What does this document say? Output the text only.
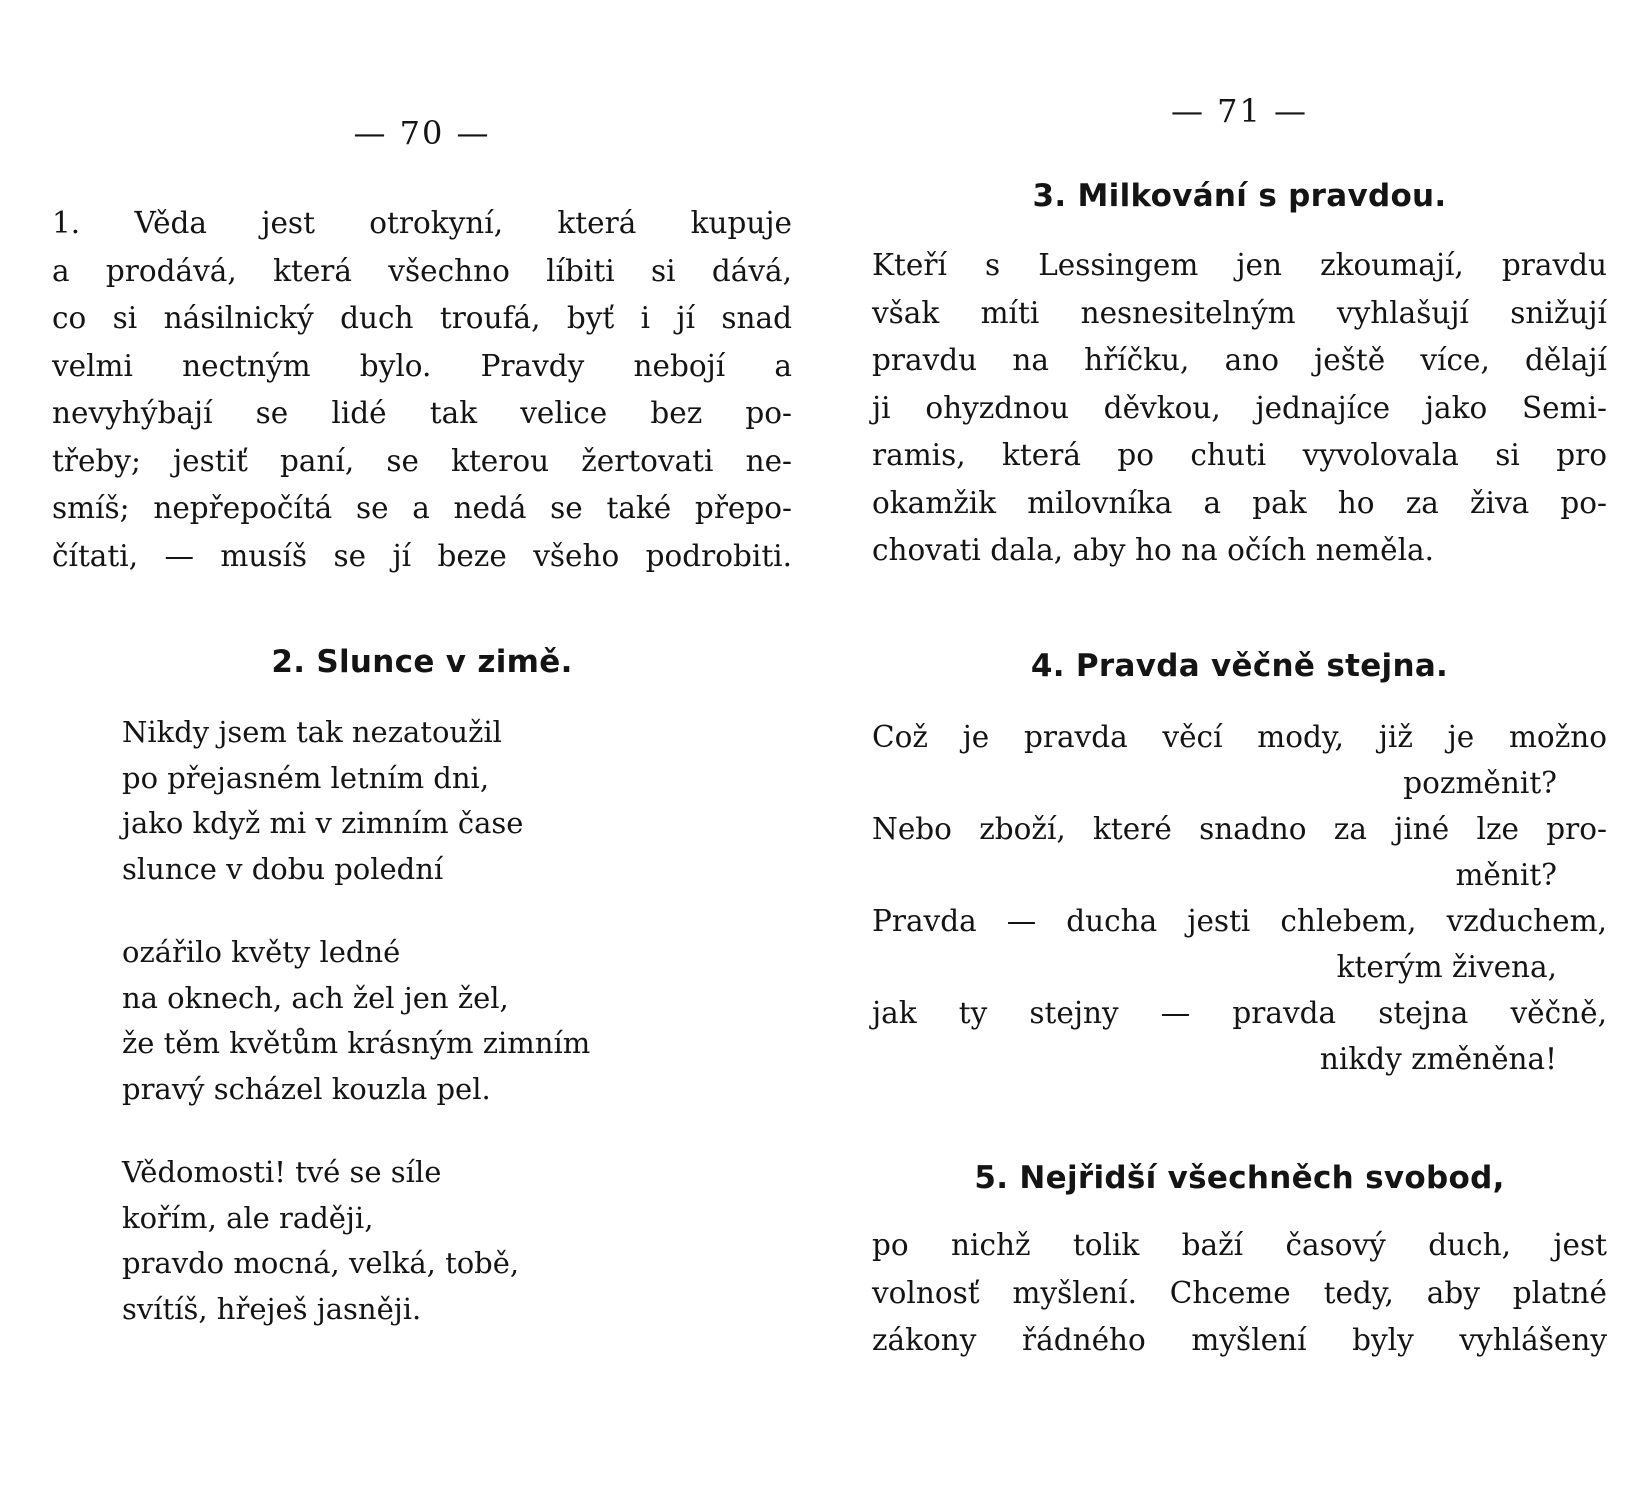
— 70 —
1. Věda jest otrokyní, která kupuje
a prodává, která všechno líbiti si dává,
co si násilnický duch troufá, byť i jí snad
velmi nectným bylo. Pravdy nebojí a
nevyhýbají se lidé tak velice bez po-
třeby; jestiť paní, se kterou žertovati ne-
smíš; nepřepočítá se a nedá se také přepo-
čítati, — musíš se jí beze všeho podrobiti.
2. Slunce v zimě.
Nikdy jsem tak nezatoužil
po přejasném letním dni,
jako když mi v zimním čase
slunce v dobu polední
ozářilo květy ledné
na oknech, ach žel jen žel,
že těm květům krásným zimním
pravý scházel kouzla pel.
Vědomosti! tvé se síle
kořím, ale raději,
pravdo mocná, velká, tobě,
svítíš, hřeješ jasněji.
— 71 —
3. Milkování s pravdou.
Kteří s Lessingem jen zkoumají, pravdu
však míti nesnesitelným vyhlašují snižují
pravdu na hříčku, ano ještě více, dělají
ji ohyzdnou děvkou, jednajíce jako Semi-
ramis, která po chuti vyvolovala si pro
okamžik milovníka a pak ho za živa po-
chovati dala, aby ho na očích neměla.
4. Pravda věčně stejna.
Což je pravda věcí mody, již je možno
pozměnit?
Nebo zboží, které snadno za jiné lze pro-
měnit?
Pravda — ducha jesti chlebem, vzduchem,
kterým živena,
jak ty stejny — pravda stejna věčně,
nikdy změněna!
5. Nejřidší všechněch svobod,
po nichž tolik baží časový duch, jest
volnosť myšlení. Chceme tedy, aby platné
zákony řádného myšlení byly vyhlášeny
